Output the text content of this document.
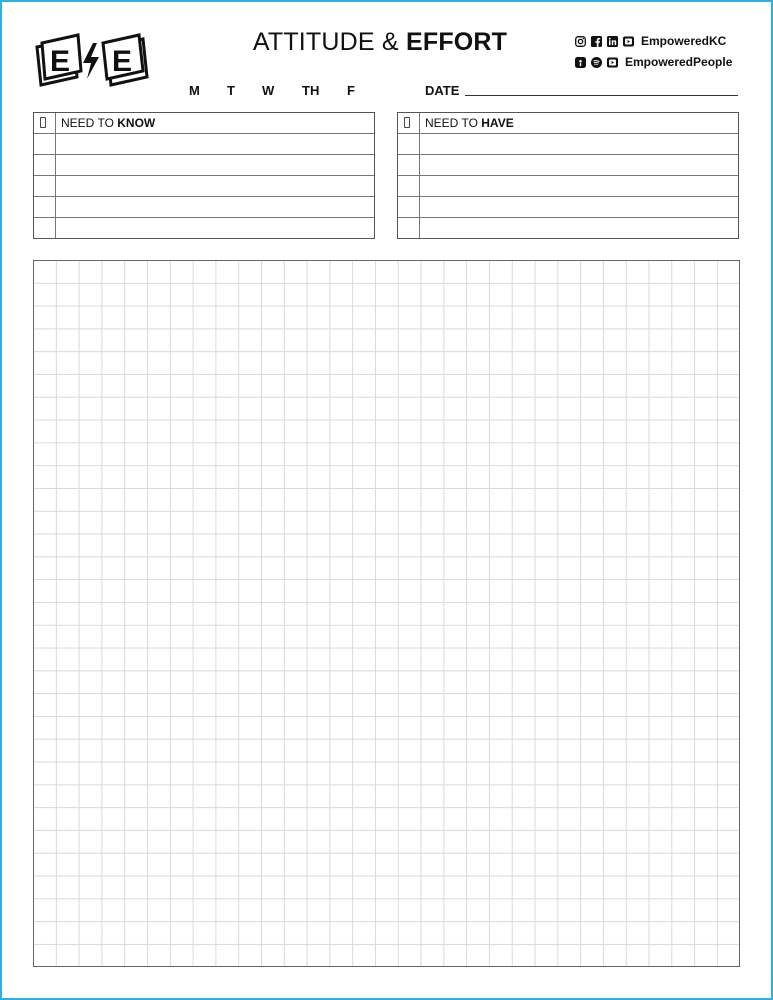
E E
ATTITUDE & EFFORT	EmpoweredKC
EmpoweredPeople
M T W TH F	DATE
NEED TO KNOW	NEED TO HAVE
